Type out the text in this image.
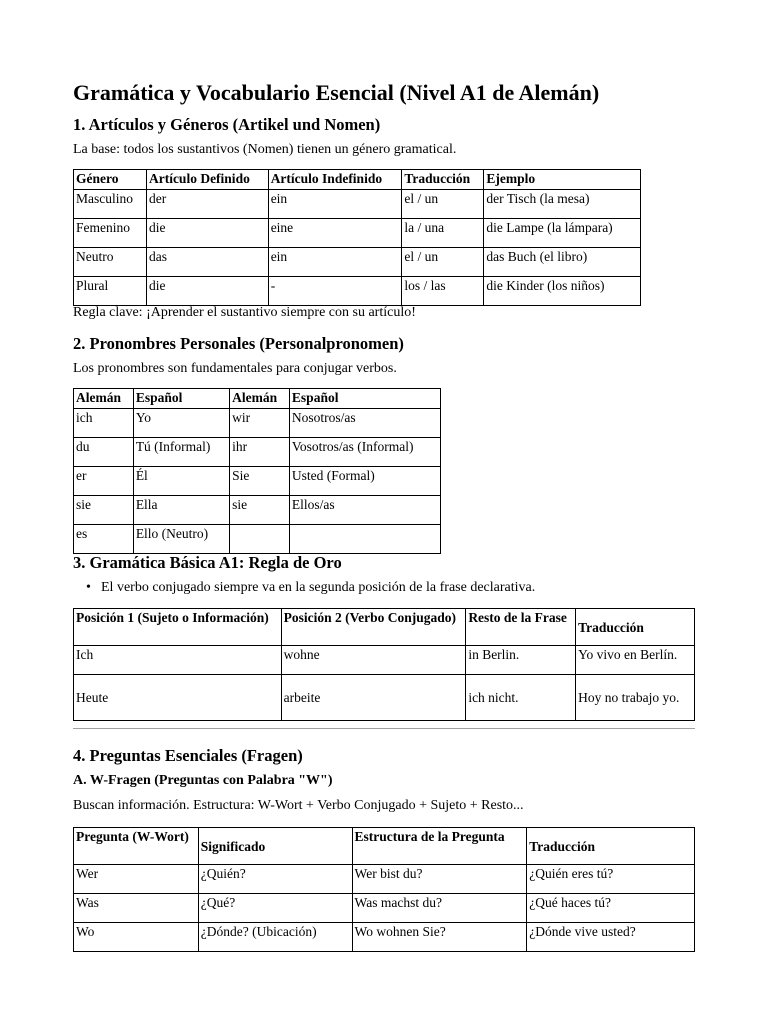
Gramática y Vocabulario Esencial (Nivel A1 de Alemán)
1. Artículos y Géneros (Artikel und Nomen)

La base: todos los sustantivos (Nomen) tienen un género gramatical.

Género	Artículo Definido	Artículo Indefinido	Traducción	Ejemplo
Masculino	der	ein	el / un	der Tisch (la mesa)
Femenino	die	eine	la / una	die Lampe (la lámpara)
Neutro	das	ein	el / un	das Buch (el libro)
Plural	die	-	los / las	die Kinder (los niños)

Regla clave: ¡Aprender el sustantivo siempre con su artículo!

2. Pronombres Personales (Personalpronomen)

Los pronombres son fundamentales para conjugar verbos.

Alemán	Español	Alemán	Español
ich	Yo	wir	Nosotros/as
du	Tú (Informal)	ihr	Vosotros/as (Informal)
er	Él	Sie	Usted (Formal)
sie	Ella	sie	Ellos/as
es	Ello (Neutro)		
3. Gramática Básica A1: Regla de Oro

• El verbo conjugado siempre va en la segunda posición de la frase declarativa.

Posición 1 (Sujeto o Información)	Posición 2 (Verbo Conjugado)	Resto de la Frase	Traducción
Ich	wohne	in Berlin.	Yo vivo en Berlín.
Heute	arbeite	ich nicht.	Hoy no trabajo yo.
4. Preguntas Esenciales (Fragen)
A. W-Fragen (Preguntas con Palabra "W")

Buscan información. Estructura: W-Wort + Verbo Conjugado + Sujeto + Resto...

Pregunta (W-Wort)	Significado	Estructura de la Pregunta	Traducción
Wer	¿Quién?	Wer bist du?	¿Quién eres tú?
Was	¿Qué?	Was machst du?	¿Qué haces tú?
Wo	¿Dónde? (Ubicación)	Wo wohnen Sie?	¿Dónde vive usted?
